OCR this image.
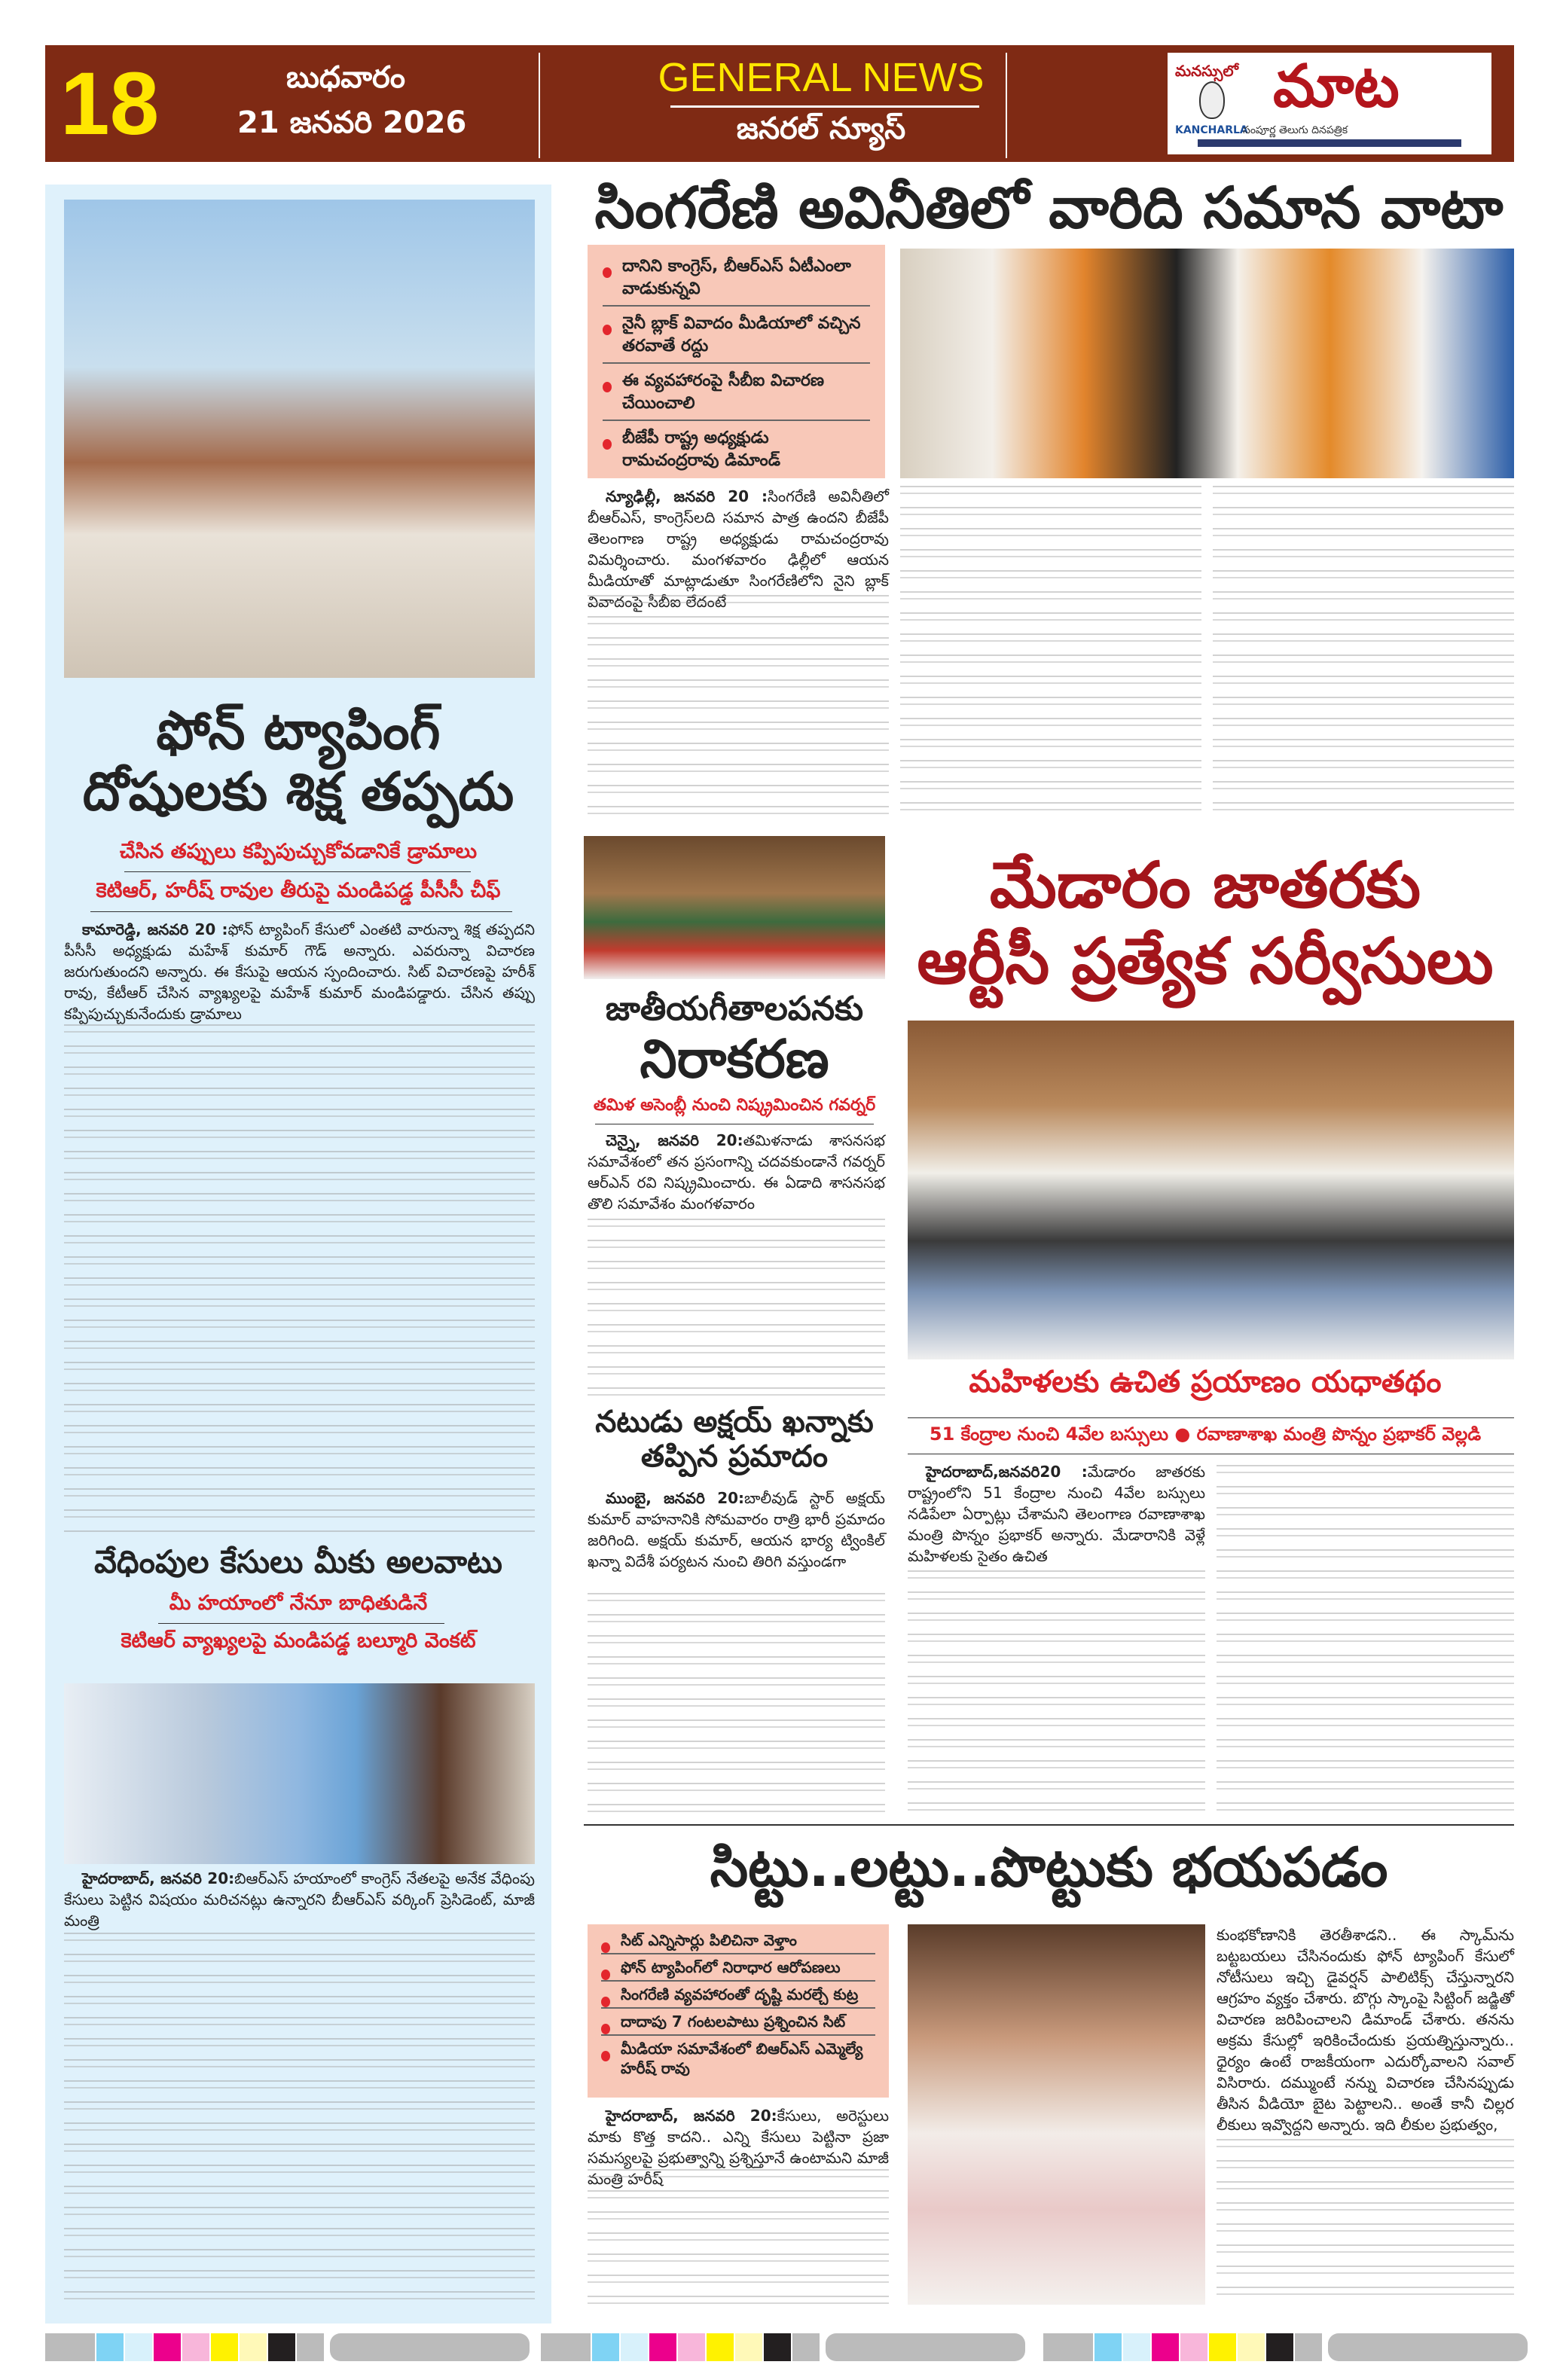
18	బుధవారం
21 జనవరి 2026
GENERAL NEWS
జనరల్ న్యూస్
మనస్సులో మాట
KANCHARLA
సంపూర్ణ తెలుగు దినపత్రిక
ఫోన్ ట్యాపింగ్
దోషులకు శిక్ష తప్పదు
చేసిన తప్పులు కప్పిపుచ్చుకోవడానికే డ్రామాలు
కెటిఆర్, హరీష్ రావుల తీరుపై మండిపడ్డ పీసీసీ చీఫ్
కామారెడ్డి, జనవరి 20 :ఫోన్ ట్యాపింగ్ కేసులో ఎంతటి వారున్నా శిక్ష తప్పదని పీసీసీ అధ్యక్షుడు మహేశ్ కుమార్ గౌడ్ అన్నారు. ఎవరున్నా విచారణ జరుగుతుందని అన్నారు. ఈ కేసుపై ఆయన స్పందించారు. సిట్ విచారణపై హరీశ్ రావు, కేటీఆర్ చేసిన వ్యాఖ్యలపై మహేశ్ కుమార్ మండిపడ్డారు. చేసిన తప్పు కప్పిపుచ్చుకునేందుకు డ్రామాలు
వేధింపుల కేసులు మీకు అలవాటు
మీ హయాంలో నేనూ బాధితుడినే
కెటిఆర్ వ్యాఖ్యలపై మండిపడ్డ బల్మూరి వెంకట్
హైదరాబాద్, జనవరి 20:బిఆర్ఎస్ హయాంలో కాంగ్రెస్ నేతలపై అనేక వేధింపు కేసులు పెట్టిన విషయం మరిచనట్లు ఉన్నారని బీఆర్ఎస్ వర్కింగ్ ప్రెసిడెంట్, మాజీ మంత్రి
సింగరేణి అవినీతిలో వారిది సమాన వాటా
దానిని కాంగ్రెస్, బీఆర్ఎస్ ఏటీఎంలా వాడుకున్నవి
నైనీ బ్లాక్ వివాదం మీడియాలో వచ్చిన తరవాతే రద్దు
ఈ వ్యవహారంపై సీబీఐ విచారణ చేయించాలి
బీజేపీ రాష్ట్ర అధ్యక్షుడు రామచంద్రరావు డిమాండ్
న్యూఢిల్లీ, జనవరి 20 :సింగరేణి అవినీతిలో బీఆర్ఎస్, కాంగ్రెస్‌లది సమాన పాత్ర ఉందని బీజేపీ తెలంగాణ రాష్ట్ర అధ్యక్షుడు రామచంద్రరావు విమర్శించారు. మంగళవారం ఢిల్లీలో ఆయన మీడియాతో మాట్లాడుతూ సింగరేణిలోని నైని బ్లాక్ వివాదంపై సీబీఐ లేదంటే
జాతీయగీతాలపనకు
నిరాకరణ
తమిళ అసెంబ్లీ నుంచి నిష్క్రమించిన గవర్నర్
చెన్నై, జనవరి 20:తమిళనాడు శాసనసభ సమావేశంలో తన ప్రసంగాన్ని చదవకుండానే గవర్నర్ ఆర్‌ఎన్ రవి నిష్క్రమించారు. ఈ ఏడాది శాసనసభ తొలి సమావేశం మంగళవారం
నటుడు అక్షయ్ ఖన్నాకు
తప్పిన ప్రమాదం
ముంబై, జనవరి 20:బాలీవుడ్ స్టార్ అక్షయ్ కుమార్ వాహనానికి సోమవారం రాత్రి భారీ ప్రమాదం జరిగింది. అక్షయ్ కుమార్, ఆయన భార్య ట్వింకిల్ ఖన్నా విదేశీ పర్యటన నుంచి తిరిగి వస్తుండగా
మేడారం జాతరకు
ఆర్టీసీ ప్రత్యేక సర్వీసులు
మహిళలకు ఉచిత ప్రయాణం యధాతథం
51 కేంద్రాల నుంచి 4వేల బస్సులు ● రవాణాశాఖ మంత్రి పొన్నం ప్రభాకర్ వెల్లడి
హైదరాబాద్,జనవరి20 :మేడారం జాతరకు రాష్ట్రంలోని 51 కేంద్రాల నుంచి 4వేల బస్సులు నడిపేలా ఏర్పాట్లు చేశామని తెలంగాణ రవాణాశాఖ మంత్రి పొన్నం ప్రభాకర్ అన్నారు. మేడారానికి వెళ్లే మహిళలకు సైతం ఉచిత
సిట్టు..లట్టు..పొట్టుకు భయపడం
సిట్ ఎన్నిసార్లు పిలిచినా వెళ్తాం
ఫోన్ ట్యాపింగ్‌లో నిరాధార ఆరోపణలు
సింగరేణి వ్యవహారంతో దృష్టి మరల్చే కుట్ర
దాదాపు 7 గంటలపాటు ప్రశ్నించిన సిట్
మీడియా సమావేశంలో బిఆర్ఎస్ ఎమ్మెల్యే హరీష్ రావు
హైదరాబాద్, జనవరి 20:కేసులు, అరెస్టులు మాకు కొత్త కాదని.. ఎన్ని కేసులు పెట్టినా ప్రజా సమస్యలపై ప్రభుత్వాన్ని ప్రశ్నిస్తూనే ఉంటామని మాజీ మంత్రి హరీష్
కుంభకోణానికి తెరతీశాడని.. ఈ స్కామ్‌ను బట్టబయలు చేసినందుకు ఫోన్ ట్యాపింగ్ కేసులో నోటీసులు ఇచ్చి డైవర్షన్ పాలిటిక్స్ చేస్తున్నారని ఆగ్రహం వ్యక్తం చేశారు. బొగ్గు స్కాంపై సిట్టింగ్ జడ్జితో విచారణ జరిపించాలని డిమాండ్ చేశారు. తనను అక్రమ కేసుల్లో ఇరికించేందుకు ప్రయత్నిస్తున్నారు.. ధైర్యం ఉంటే రాజకీయంగా ఎదుర్కోవాలని సవాల్ విసిరారు. దమ్ముంటే నన్ను విచారణ చేసినప్పుడు తీసిన వీడియో బైట పెట్టాలని.. అంతే కానీ చిల్లర లీకులు ఇవ్వొద్దని అన్నారు. ఇది లీకుల ప్రభుత్వం,
